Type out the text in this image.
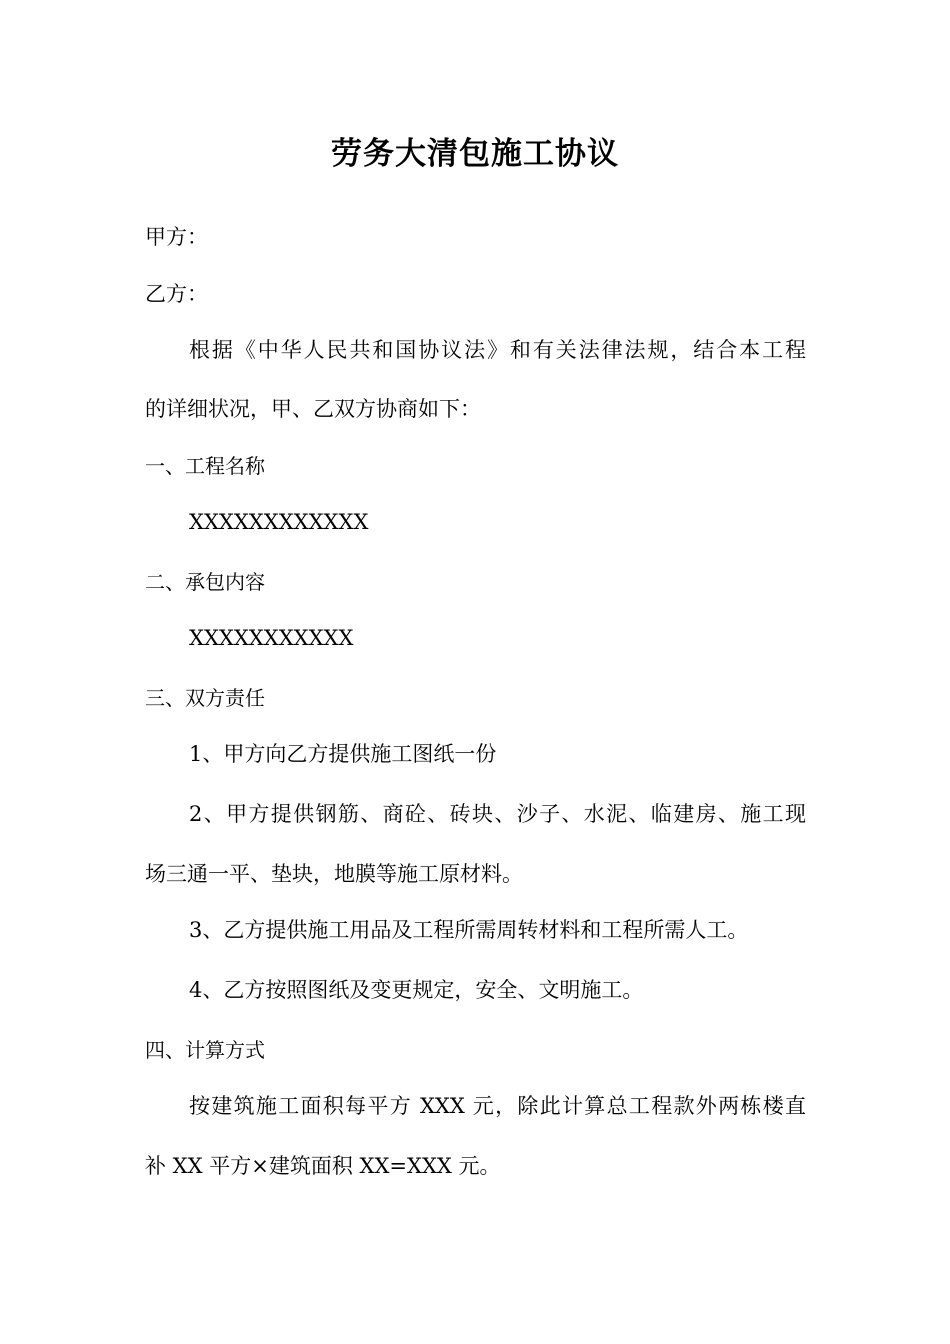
劳务大清包施工协议
甲方：
乙方：
根据《中华人民共和国协议法》和有关法律法规，结合本工程
的详细状况，甲、乙双方协商如下：
一、工程名称
XXXXXXXXXXXX
二、承包内容
XXXXXXXXXXX
三、双方责任
1、甲方向乙方提供施工图纸一份
2、甲方提供钢筋、商砼、砖块、沙子、水泥、临建房、施工现
场三通一平、垫块，地膜等施工原材料。
3、乙方提供施工用品及工程所需周转材料和工程所需人工。
4、乙方按照图纸及变更规定，安全、文明施工。
四、计算方式
按建筑施工面积每平方 XXX 元，除此计算总工程款外两栋楼直
补 XX 平方×建筑面积 XX=XXX 元。
